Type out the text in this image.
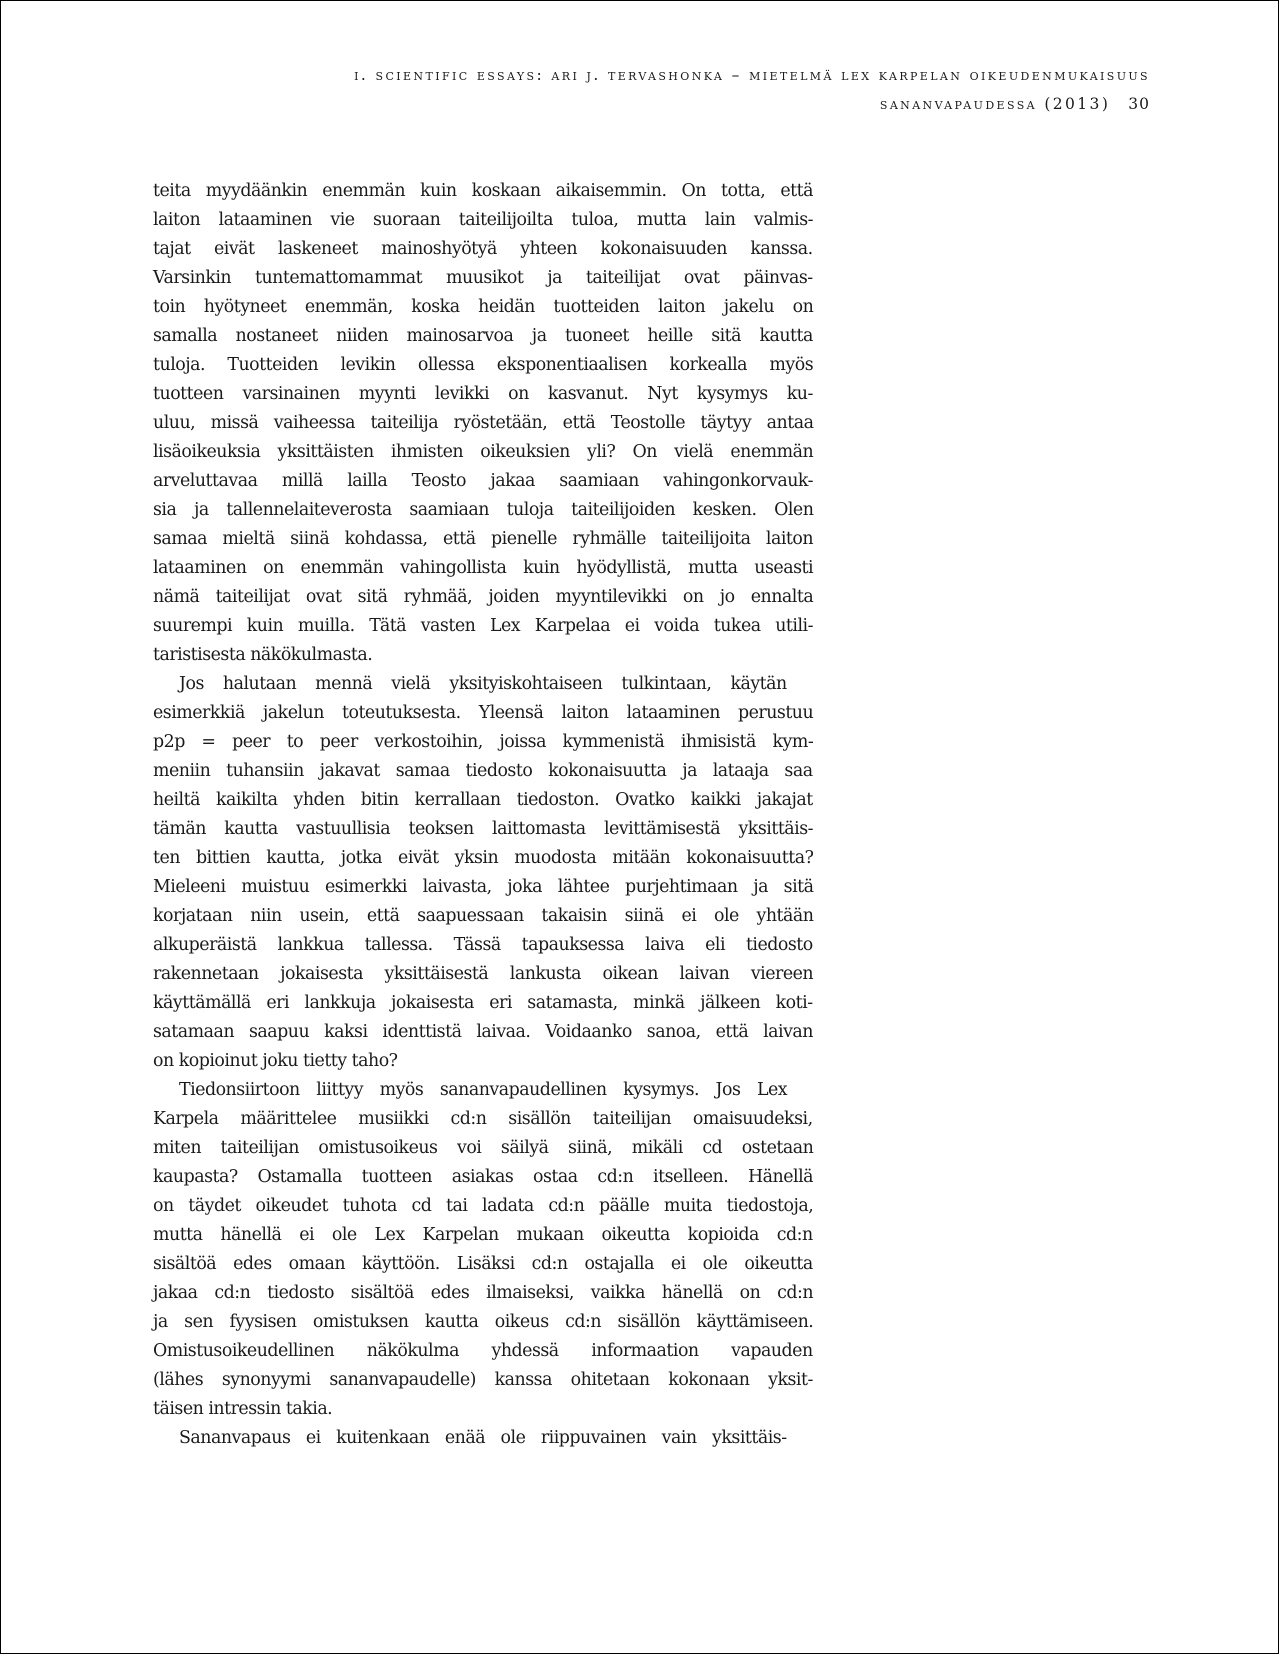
i. scientific essays: ari j. tervashonka – mietelmä lex karpelan oikeudenmukaisuus
sananvapaudessa (2013) 30
teita myydäänkin enemmän kuin koskaan aikaisemmin. On totta, että
laiton lataaminen vie suoraan taiteilijoilta tuloa, mutta lain valmis-
tajat eivät laskeneet mainoshyötyä yhteen kokonaisuuden kanssa.
Varsinkin tuntemattomammat muusikot ja taiteilijat ovat päinvas-
toin hyötyneet enemmän, koska heidän tuotteiden laiton jakelu on
samalla nostaneet niiden mainosarvoa ja tuoneet heille sitä kautta
tuloja. Tuotteiden levikin ollessa eksponentiaalisen korkealla myös
tuotteen varsinainen myynti levikki on kasvanut. Nyt kysymys ku-
uluu, missä vaiheessa taiteilija ryöstetään, että Teostolle täytyy antaa
lisäoikeuksia yksittäisten ihmisten oikeuksien yli? On vielä enemmän
arveluttavaa millä lailla Teosto jakaa saamiaan vahingonkorvauk-
sia ja tallennelaiteverosta saamiaan tuloja taiteilijoiden kesken. Olen
samaa mieltä siinä kohdassa, että pienelle ryhmälle taiteilijoita laiton
lataaminen on enemmän vahingollista kuin hyödyllistä, mutta useasti
nämä taiteilijat ovat sitä ryhmää, joiden myyntilevikki on jo ennalta
suurempi kuin muilla. Tätä vasten Lex Karpelaa ei voida tukea utili-
taristisesta näkökulmasta.
Jos halutaan mennä vielä yksityiskohtaiseen tulkintaan, käytän
esimerkkiä jakelun toteutuksesta. Yleensä laiton lataaminen perustuu
p2p = peer to peer verkostoihin, joissa kymmenistä ihmisistä kym-
meniin tuhansiin jakavat samaa tiedosto kokonaisuutta ja lataaja saa
heiltä kaikilta yhden bitin kerrallaan tiedoston. Ovatko kaikki jakajat
tämän kautta vastuullisia teoksen laittomasta levittämisestä yksittäis-
ten bittien kautta, jotka eivät yksin muodosta mitään kokonaisuutta?
Mieleeni muistuu esimerkki laivasta, joka lähtee purjehtimaan ja sitä
korjataan niin usein, että saapuessaan takaisin siinä ei ole yhtään
alkuperäistä lankkua tallessa. Tässä tapauksessa laiva eli tiedosto
rakennetaan jokaisesta yksittäisestä lankusta oikean laivan viereen
käyttämällä eri lankkuja jokaisesta eri satamasta, minkä jälkeen koti-
satamaan saapuu kaksi identtistä laivaa. Voidaanko sanoa, että laivan
on kopioinut joku tietty taho?
Tiedonsiirtoon liittyy myös sananvapaudellinen kysymys. Jos Lex
Karpela määrittelee musiikki cd:n sisällön taiteilijan omaisuudeksi,
miten taiteilijan omistusoikeus voi säilyä siinä, mikäli cd ostetaan
kaupasta? Ostamalla tuotteen asiakas ostaa cd:n itselleen. Hänellä
on täydet oikeudet tuhota cd tai ladata cd:n päälle muita tiedostoja,
mutta hänellä ei ole Lex Karpelan mukaan oikeutta kopioida cd:n
sisältöä edes omaan käyttöön. Lisäksi cd:n ostajalla ei ole oikeutta
jakaa cd:n tiedosto sisältöä edes ilmaiseksi, vaikka hänellä on cd:n
ja sen fyysisen omistuksen kautta oikeus cd:n sisällön käyttämiseen.
Omistusoikeudellinen näkökulma yhdessä informaation vapauden
(lähes synonyymi sananvapaudelle) kanssa ohitetaan kokonaan yksit-
täisen intressin takia.
Sananvapaus ei kuitenkaan enää ole riippuvainen vain yksittäis-
